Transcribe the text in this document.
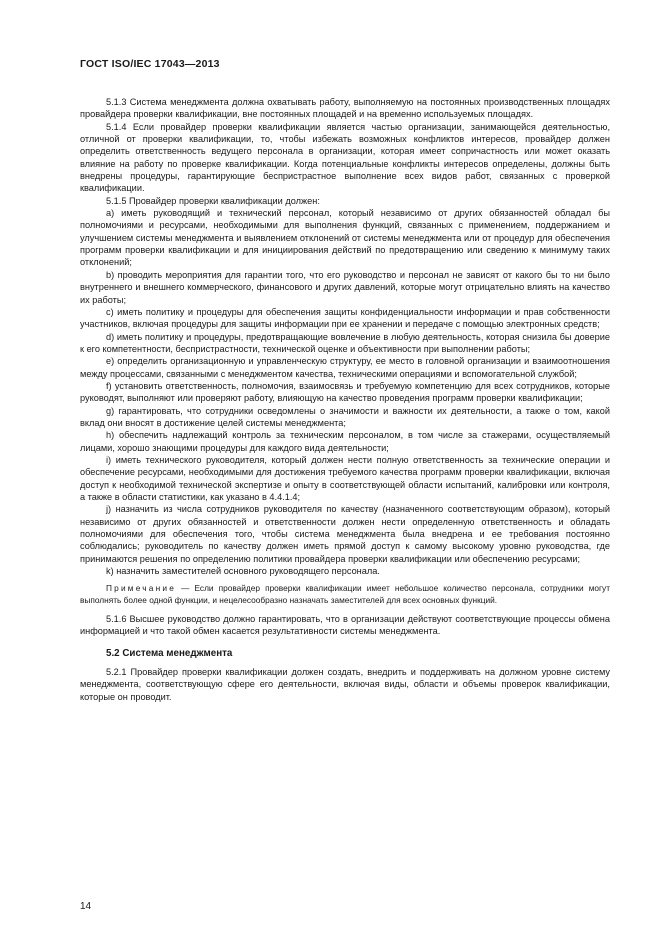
ГОСТ ISO/IEC 17043—2013

5.1.3 Система менеджмента должна охватывать работу, выполняемую на постоянных производственных площадях провайдера проверки квалификации, вне постоянных площадей и на временно используемых площадях.

5.1.4 Если провайдер проверки квалификации является частью организации, занимающейся деятельностью, отличной от проверки квалификации, то, чтобы избежать возможных конфликтов интересов, провайдер должен определить ответственность ведущего персонала в организации, которая имеет сопричастность или может оказать влияние на работу по проверке квалификации. Когда потенциальные конфликты интересов определены, должны быть внедрены процедуры, гарантирующие беспристрастное выполнение всех видов работ, связанных с проверкой квалификации.

5.1.5 Провайдер проверки квалификации должен:

a) иметь руководящий и технический персонал, который независимо от других обязанностей обладал бы полномочиями и ресурсами, необходимыми для выполнения функций, связанных с применением, поддержанием и улучшением системы менеджмента и выявлением отклонений от системы менеджмента или от процедур для обеспечения программ проверки квалификации и для инициирования действий по предотвращению или сведению к минимуму таких отклонений;

b) проводить мероприятия для гарантии того, что его руководство и персонал не зависят от какого бы то ни было внутреннего и внешнего коммерческого, финансового и других давлений, которые могут отрицательно влиять на качество их работы;

c) иметь политику и процедуры для обеспечения защиты конфиденциальности информации и прав собственности участников, включая процедуры для защиты информации при ее хранении и передаче с помощью электронных средств;

d) иметь политику и процедуры, предотвращающие вовлечение в любую деятельность, которая снизила бы доверие к его компетентности, беспристрастности, технической оценке и объективности при выполнении работы;

e) определить организационную и управленческую структуру, ее место в головной организации и взаимоотношения между процессами, связанными с менеджментом качества, техническими операциями и вспомогательной службой;

f) установить ответственность, полномочия, взаимосвязь и требуемую компетенцию для всех сотрудников, которые руководят, выполняют или проверяют работу, влияющую на качество проведения программ проверки квалификации;

g) гарантировать, что сотрудники осведомлены о значимости и важности их деятельности, а также о том, какой вклад они вносят в достижение целей системы менеджмента;

h) обеспечить надлежащий контроль за техническим персоналом, в том числе за стажерами, осуществляемый лицами, хорошо знающими процедуры для каждого вида деятельности;

i) иметь технического руководителя, который должен нести полную ответственность за технические операции и обеспечение ресурсами, необходимыми для достижения требуемого качества программ проверки квалификации, включая доступ к необходимой технической экспертизе и опыту в соответствующей области испытаний, калибровки или контроля, а также в области статистики, как указано в 4.4.1.4;

j) назначить из числа сотрудников руководителя по качеству (назначенного соответствующим образом), который независимо от других обязанностей и ответственности должен нести определенную ответственность и обладать полномочиями для обеспечения того, чтобы система менеджмента была внедрена и ее требования постоянно соблюдались; руководитель по качеству должен иметь прямой доступ к самому высокому уровню руководства, где принимаются решения по определению политики провайдера проверки квалификации или обеспечению ресурсами;

k) назначить заместителей основного руководящего персонала.

Примечание — Если провайдер проверки квалификации имеет небольшое количество персонала, сотрудники могут выполнять более одной функции, и нецелесообразно назначать заместителей для всех основных функций.

5.1.6 Высшее руководство должно гарантировать, что в организации действуют соответствующие процессы обмена информацией и что такой обмен касается результативности системы менеджмента.

5.2 Система менеджмента

5.2.1 Провайдер проверки квалификации должен создать, внедрить и поддерживать на должном уровне систему менеджмента, соответствующую сфере его деятельности, включая виды, области и объемы проверок квалификации, которые он проводит.

14
